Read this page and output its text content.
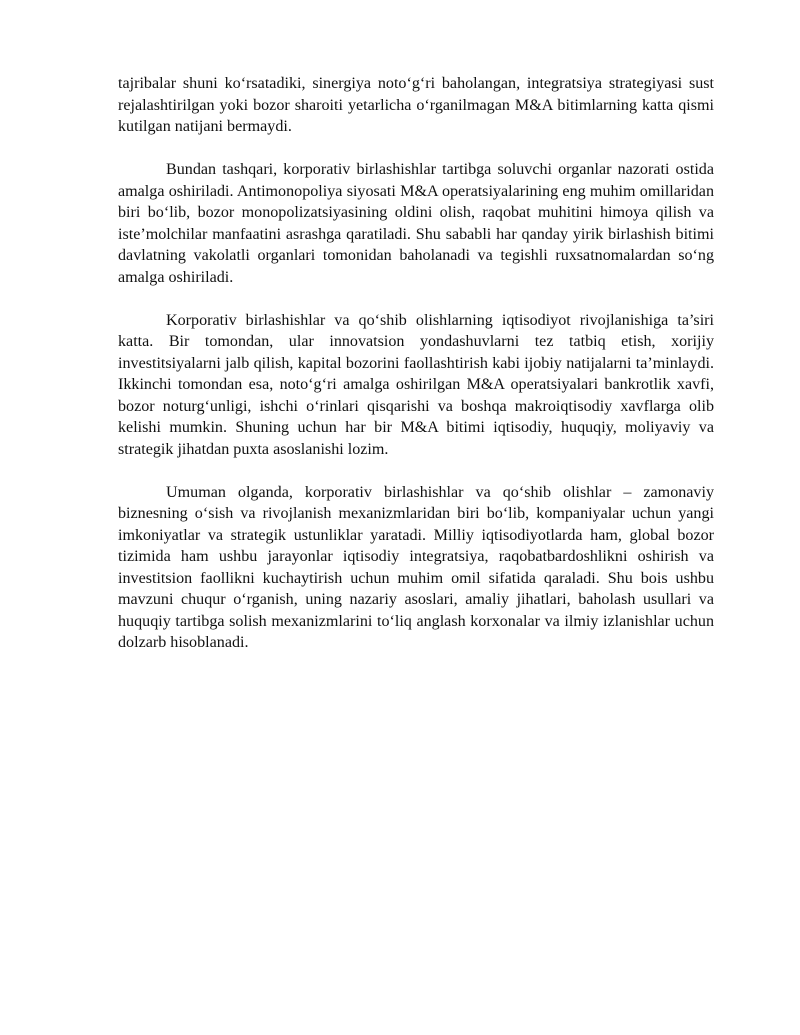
tajribalar shuni ko‘rsatadiki, sinergiya noto‘g‘ri baholangan, integratsiya strategiyasi sust rejalashtirilgan yoki bozor sharoiti yetarlicha o‘rganilmagan M&A bitimlarning katta qismi kutilgan natijani bermaydi.

Bundan tashqari, korporativ birlashishlar tartibga soluvchi organlar nazorati ostida amalga oshiriladi. Antimonopoliya siyosati M&A operatsiyalarining eng muhim omillaridan biri bo‘lib, bozor monopolizatsiyasining oldini olish, raqobat muhitini himoya qilish va iste’molchilar manfaatini asrashga qaratiladi. Shu sababli har qanday yirik birlashish bitimi davlatning vakolatli organlari tomonidan baholanadi va tegishli ruxsatnomalardan so‘ng amalga oshiriladi.

Korporativ birlashishlar va qo‘shib olishlarning iqtisodiyot rivojlanishiga ta’siri katta. Bir tomondan, ular innovatsion yondashuvlarni tez tatbiq etish, xorijiy investitsiyalarni jalb qilish, kapital bozorini faollashtirish kabi ijobiy natijalarni ta’minlaydi. Ikkinchi tomondan esa, noto‘g‘ri amalga oshirilgan M&A operatsiyalari bankrotlik xavfi, bozor noturg‘unligi, ishchi o‘rinlari qisqarishi va boshqa makroiqtisodiy xavflarga olib kelishi mumkin. Shuning uchun har bir M&A bitimi iqtisodiy, huquqiy, moliyaviy va strategik jihatdan puxta asoslanishi lozim.

Umuman olganda, korporativ birlashishlar va qo‘shib olishlar – zamonaviy biznesning o‘sish va rivojlanish mexanizmlaridan biri bo‘lib, kompaniyalar uchun yangi imkoniyatlar va strategik ustunliklar yaratadi. Milliy iqtisodiyotlarda ham, global bozor tizimida ham ushbu jarayonlar iqtisodiy integratsiya, raqobatbardoshlikni oshirish va investitsion faollikni kuchaytirish uchun muhim omil sifatida qaraladi. Shu bois ushbu mavzuni chuqur o‘rganish, uning nazariy asoslari, amaliy jihatlari, baholash usullari va huquqiy tartibga solish mexanizmlarini to‘liq anglash korxonalar va ilmiy izlanishlar uchun dolzarb hisoblanadi.
